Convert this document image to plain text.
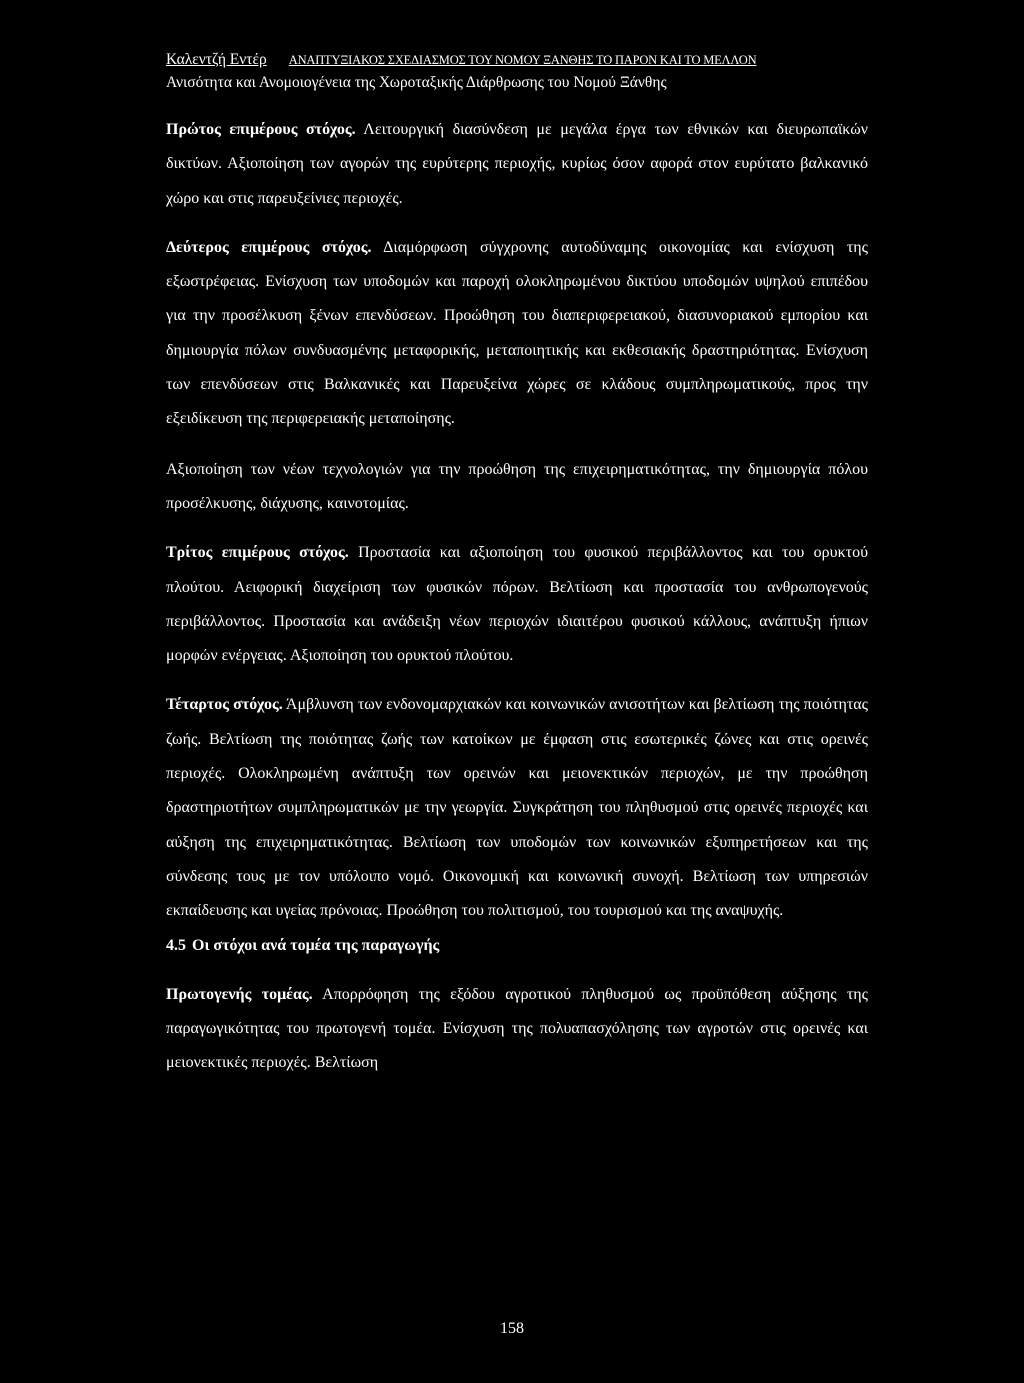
Καλεντζή Εντέρ ΑΝΑΠΤΥΞΙΑΚΟΣ ΣΧΕΔΙΑΣΜΟΣ ΤΟΥ ΝΟΜΟΥ ΞΑΝΘΗΣ ΤΟ ΠΑΡΟΝ ΚΑΙ ΤΟ ΜΕΛΛΟΝ
Ανισότητα και Ανομοιογένεια της Χωροταξικής Διάρθρωσης του Νομού Ξάνθης

Πρώτος επιμέρους στόχος. Λειτουργική διασύνδεση με μεγάλα έργα των εθνικών και διευρωπαϊκών δικτύων. Αξιοποίηση των αγορών της ευρύτερης περιοχής, κυρίως όσον αφορά στον ευρύτατο βαλκανικό χώρο και στις παρευξείνιες περιοχές.

Δεύτερος επιμέρους στόχος. Διαμόρφωση σύγχρονης αυτοδύναμης οικονομίας και ενίσχυση της εξωστρέφειας. Ενίσχυση των υποδομών και παροχή ολοκληρωμένου δικτύου υποδομών υψηλού επιπέδου για την προσέλκυση ξένων επενδύσεων. Προώθηση του διαπεριφερειακού, διασυνοριακού εμπορίου και δημιουργία πόλων συνδυασμένης μεταφορικής, μεταποιητικής και εκθεσιακής δραστηριότητας. Ενίσχυση των επενδύσεων στις Βαλκανικές και Παρευξείνα χώρες σε κλάδους συμπληρωματικούς, προς την εξειδίκευση της περιφερειακής μεταποίησης.

Αξιοποίηση των νέων τεχνολογιών για την προώθηση της επιχειρηματικότητας, την δημιουργία πόλου προσέλκυσης, διάχυσης, καινοτομίας.

Τρίτος επιμέρους στόχος. Προστασία και αξιοποίηση του φυσικού περιβάλλοντος και του ορυκτού πλούτου. Αειφορική διαχείριση των φυσικών πόρων. Βελτίωση και προστασία του ανθρωπογενούς περιβάλλοντος. Προστασία και ανάδειξη νέων περιοχών ιδιαιτέρου φυσικού κάλλους, ανάπτυξη ήπιων μορφών ενέργειας. Αξιοποίηση του ορυκτού πλούτου.

Τέταρτος στόχος. Άμβλυνση των ενδονομαρχιακών και κοινωνικών ανισοτήτων και βελτίωση της ποιότητας ζωής. Βελτίωση της ποιότητας ζωής των κατοίκων με έμφαση στις εσωτερικές ζώνες και στις ορεινές περιοχές. Ολοκληρωμένη ανάπτυξη των ορεινών και μειονεκτικών περιοχών, με την προώθηση δραστηριοτήτων συμπληρωματικών με την γεωργία. Συγκράτηση του πληθυσμού στις ορεινές περιοχές και αύξηση της επιχειρηματικότητας. Βελτίωση των υποδομών των κοινωνικών εξυπηρετήσεων και της σύνδεσης τους με τον υπόλοιπο νομό. Οικονομική και κοινωνική συνοχή. Βελτίωση των υπηρεσιών εκπαίδευσης και υγείας πρόνοιας. Προώθηση του πολιτισμού, του τουρισμού και της αναψυχής.

4.5 Οι στόχοι ανά τομέα της παραγωγής

Πρωτογενής τομέας. Απορρόφηση της εξόδου αγροτικού πληθυσμού ως προϋπόθεση αύξησης της παραγωγικότητας του πρωτογενή τομέα. Ενίσχυση της πολυαπασχόλησης των αγροτών στις ορεινές και μειονεκτικές περιοχές. Βελτίωση

158
